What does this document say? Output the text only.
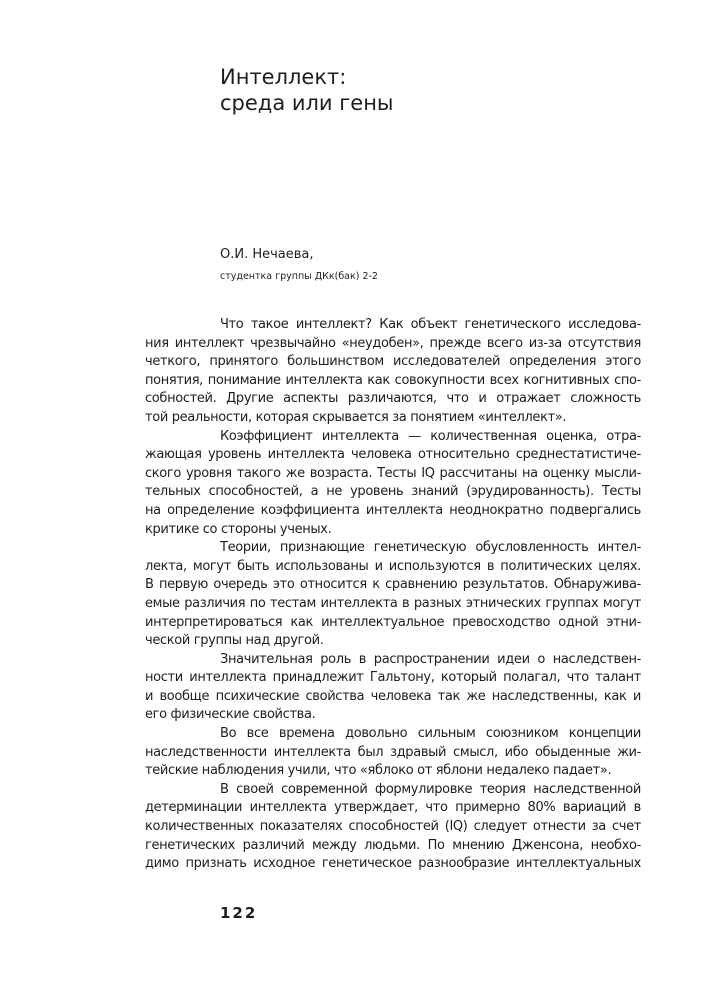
Интеллект:
среда или гены

О.И. Нечаева,

студентка группы ДКк(бак) 2-2

Что такое интеллект? Как объект генетического исследова-
ния интеллект чрезвычайно «неудобен», прежде всего из-за отсутствия
четкого, принятого большинством исследователей определения этого
понятия, понимание интеллекта как совокупности всех когнитивных спо-
собностей. Другие аспекты различаются, что и отражает сложность
той реальности, которая скрывается за понятием «интеллект».
Коэффициент интеллекта — количественная оценка, отра-
жающая уровень интеллекта человека относительно среднестатистиче-
ского уровня такого же возраста. Тесты IQ рассчитаны на оценку мысли-
тельных способностей, а не уровень знаний (эрудированность). Тесты
на определение коэффициента интеллекта неоднократно подвергались
критике со стороны ученых.
Теории, признающие генетическую обусловленность интел-
лекта, могут быть использованы и используются в политических целях.
В первую очередь это относится к сравнению результатов. Обнаружива-
емые различия по тестам интеллекта в разных этнических группах могут
интерпретироваться как интеллектуальное превосходство одной этни-
ческой группы над другой.
Значительная роль в распространении идеи о наследствен-
ности интеллекта принадлежит Гальтону, который полагал, что талант
и вообще психические свойства человека так же наследственны, как и
его физические свойства.
Во все времена довольно сильным союзником концепции
наследственности интеллекта был здравый смысл, ибо обыденные жи-
тейские наблюдения учили, что «яблоко от яблони недалеко падает».
В своей современной формулировке теория наследственной
детерминации интеллекта утверждает, что примерно 80% вариаций в
количественных показателях способностей (IQ) следует отнести за счет
генетических различий между людьми. По мнению Дженсона, необхо-
димо признать исходное генетическое разнообразие интеллектуальных

122
